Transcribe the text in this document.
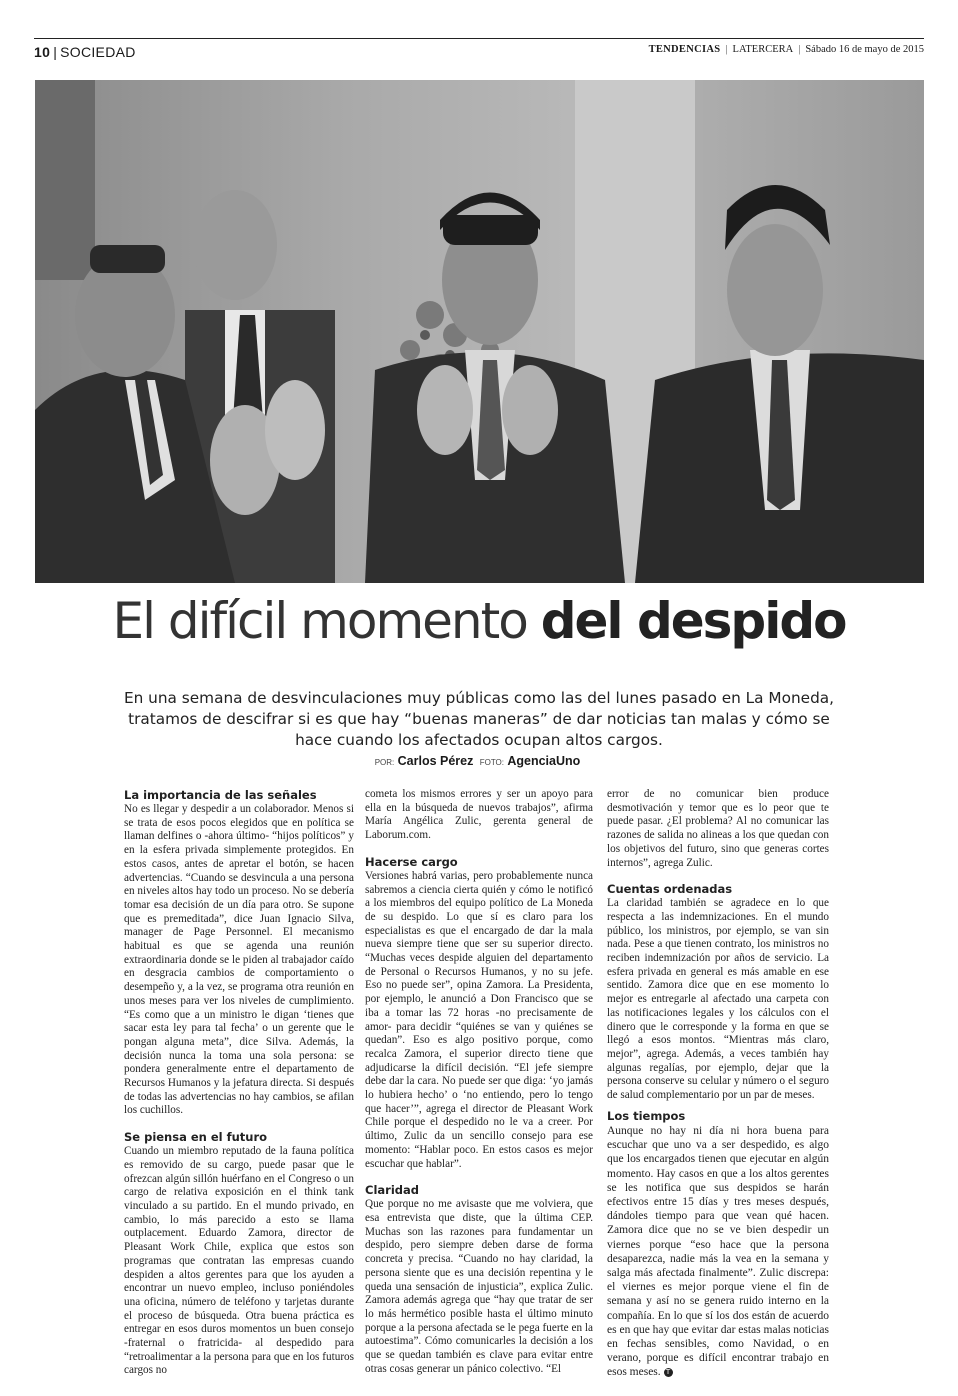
10 | SOCIEDAD	TENDENCIAS | LATERCERA | Sábado 16 de mayo de 2015
El difícil momento del despido
En una semana de desvinculaciones muy públicas como las del lunes pasado en La Moneda, tratamos de descifrar si es que hay “buenas maneras” de dar noticias tan malas y cómo se hace cuando los afectados ocupan altos cargos.
POR: Carlos Pérez FOTO: AgenciaUno
La importancia de las señales

No es llegar y despedir a un colaborador. Menos si se trata de esos pocos elegidos que en política se llaman delfines o -ahora último- “hijos políticos” y en la esfera privada simplemente protegidos. En estos casos, antes de apretar el botón, se hacen advertencias. “Cuando se desvincula a una persona en niveles altos hay todo un proceso. No se debería tomar esa decisión de un día para otro. Se supone que es premeditada”, dice Juan Ignacio Silva, manager de Page Personnel. El mecanismo habitual es que se agenda una reunión extraordinaria donde se le piden al trabajador caído en desgracia cambios de comportamiento o desempeño y, a la vez, se programa otra reunión en unos meses para ver los niveles de cumplimiento. “Es como que a un ministro le digan ‘tienes que sacar esta ley para tal fecha’ o un gerente que le pongan alguna meta”, dice Silva. Además, la decisión nunca la toma una sola persona: se pondera generalmente entre el departamento de Recursos Humanos y la jefatura directa. Si después de todas las advertencias no hay cambios, se afilan los cuchillos.

Se piensa en el futuro

Cuando un miembro reputado de la fauna política es removido de su cargo, puede pasar que le ofrezcan algún sillón huérfano en el Congreso o un cargo de relativa exposición en el think tank vinculado a su partido. En el mundo privado, en cambio, lo más parecido a esto se llama outplacement. Eduardo Zamora, director de Pleasant Work Chile, explica que estos son programas que contratan las empresas cuando despiden a altos gerentes para que los ayuden a encontrar un nuevo empleo, incluso poniéndoles una oficina, número de teléfono y tarjetas durante el proceso de búsqueda. Otra buena práctica es entregar en esos duros momentos un buen consejo -fraternal o fratricida- al despedido para “retroalimentar a la persona para que en los futuros cargos no

cometa los mismos errores y ser un apoyo para ella en la búsqueda de nuevos trabajos”, afirma María Angélica Zulic, gerenta general de Laborum.com.

Hacerse cargo

Versiones habrá varias, pero probablemente nunca sabremos a ciencia cierta quién y cómo le notificó a los miembros del equipo político de La Moneda de su despido. Lo que sí es claro para los especialistas es que el encargado de dar la mala nueva siempre tiene que ser su superior directo. “Muchas veces despide alguien del departamento de Personal o Recursos Humanos, y no su jefe. Eso no puede ser”, opina Zamora. La Presidenta, por ejemplo, le anunció a Don Francisco que se iba a tomar las 72 horas -no precisamente de amor- para decidir “quiénes se van y quiénes se quedan”. Eso es algo positivo porque, como recalca Zamora, el superior directo tiene que adjudicarse la difícil decisión. “El jefe siempre debe dar la cara. No puede ser que diga: ‘yo jamás lo hubiera hecho’ o ‘no entiendo, pero lo tengo que hacer’”, agrega el director de Pleasant Work Chile porque el despedido no le va a creer. Por último, Zulic da un sencillo consejo para ese momento: “Hablar poco. En estos casos es mejor escuchar que hablar”.

Claridad

Que porque no me avisaste que me volviera, que esa entrevista que diste, que la última CEP. Muchas son las razones para fundamentar un despido, pero siempre deben darse de forma concreta y precisa. “Cuando no hay claridad, la persona siente que es una decisión repentina y le queda una sensación de injusticia”, explica Zulic. Zamora además agrega que “hay que tratar de ser lo más hermético posible hasta el último minuto porque a la persona afectada se le pega fuerte en la autoestima”. Cómo comunicarles la decisión a los que se quedan también es clave para evitar entre otras cosas generar un pánico colectivo. “El

error de no comunicar bien produce desmotivación y temor que es lo peor que te puede pasar. ¿El problema? Al no comunicar las razones de salida no alineas a los que quedan con los objetivos del futuro, sino que generas cortes internos”, agrega Zulic.

Cuentas ordenadas

La claridad también se agradece en lo que respecta a las indemnizaciones. En el mundo público, los ministros, por ejemplo, se van sin nada. Pese a que tienen contrato, los ministros no reciben indemnización por años de servicio. La esfera privada en general es más amable en ese sentido. Zamora dice que en ese momento lo mejor es entregarle al afectado una carpeta con las notificaciones legales y los cálculos con el dinero que le corresponde y la forma en que se llegó a esos montos. “Mientras más claro, mejor”, agrega. Además, a veces también hay algunas regalías, por ejemplo, dejar que la persona conserve su celular y número o el seguro de salud complementario por un par de meses.

Los tiempos

Aunque no hay ni día ni hora buena para escuchar que uno va a ser despedido, es algo que los encargados tienen que ejecutar en algún momento. Hay casos en que a los altos gerentes se les notifica que sus despidos se harán efectivos entre 15 días y tres meses después, dándoles tiempo para que vean qué hacen. Zamora dice que no se ve bien despedir un viernes porque “eso hace que la persona desaparezca, nadie más la vea en la semana y salga más afectada finalmente”. Zulic discrepa: el viernes es mejor porque viene el fin de semana y así no se genera ruido interno en la compañía. En lo que sí los dos están de acuerdo es en que hay que evitar dar estas malas noticias en fechas sensibles, como Navidad, o en verano, porque es difícil encontrar trabajo en esos meses. T
